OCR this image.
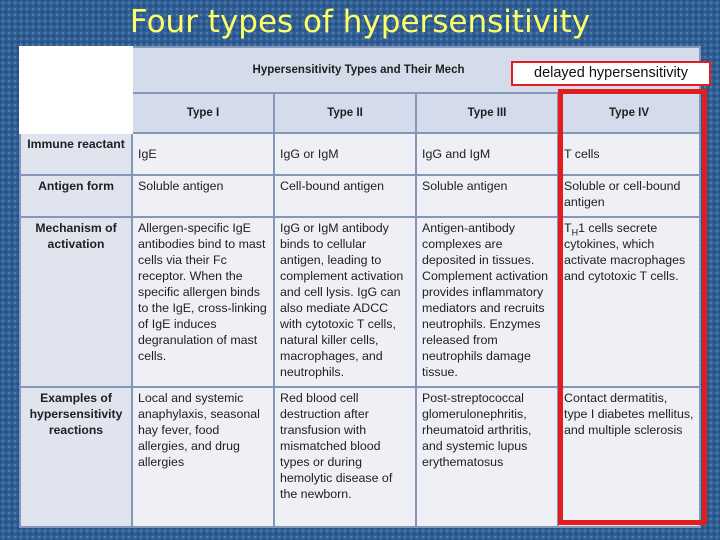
Four types of hypersensitivity
	Hypersensitivity Types and Their Mech			
	Type I	Type II	Type III	Type IV
Immune reactant	IgE	IgG or IgM	IgG and IgM	T cells
Antigen form	Soluble antigen	Cell-bound antigen	Soluble antigen	Soluble or cell-bound antigen
Mechanism of activation	Allergen-specific IgE antibodies bind to mast cells via their Fc receptor. When the specific allergen binds to the IgE, cross-linking of IgE induces degranulation of mast cells.	IgG or IgM antibody binds to cellular antigen, leading to complement activation and cell lysis. IgG can also mediate ADCC with cytotoxic T cells, natural killer cells, macrophages, and neutrophils.	Antigen-antibody complexes are deposited in tissues. Complement activation provides inflammatory mediators and recruits neutrophils. Enzymes released from neutrophils damage tissue.	$T_H1$ cells secrete cytokines, which activate macrophages and cytotoxic T cells.
Examples of hypersensitivity reactions	Local and systemic anaphylaxis, seasonal hay fever, food allergies, and drug allergies	Red blood cell destruction after transfusion with mismatched blood types or during hemolytic disease of the newborn.	Post-streptococcal glomerulonephritis, rheumatoid arthritis, and systemic lupus erythematosus	Contact dermatitis, type I diabetes mellitus, and multiple sclerosis
delayed hypersensitivity
